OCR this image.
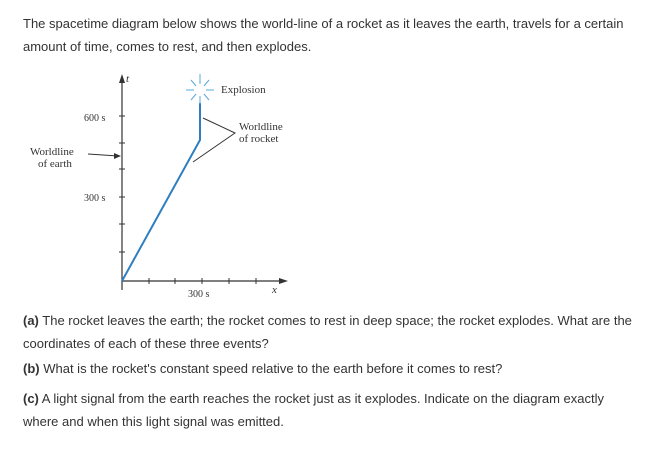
The spacetime diagram below shows the world-line of a rocket as it leaves the earth, travels for a certain amount of time, comes to rest, and then explodes.
t
x
600 s
300 s
300 s
Explosion
Worldline
of earth
Worldline
of rocket
(a) The rocket leaves the earth; the rocket comes to rest in deep space; the rocket explodes. What are the coordinates of each of these three events?
(b) What is the rocket's constant speed relative to the earth before it comes to rest?
(c) A light signal from the earth reaches the rocket just as it explodes. Indicate on the diagram exactly where and when this light signal was emitted.
